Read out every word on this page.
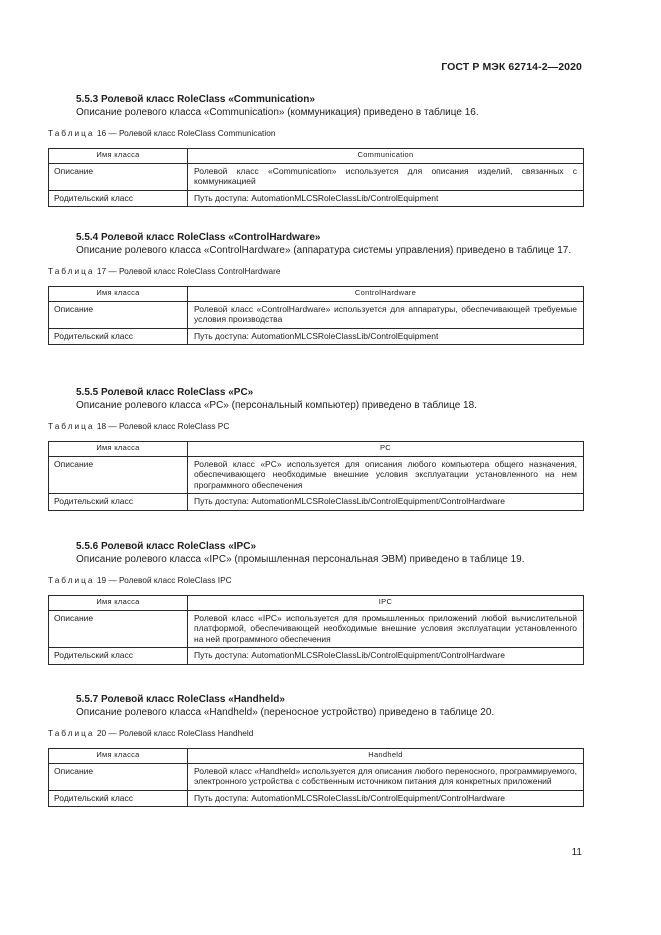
ГОСТ Р МЭК 62714-2—2020
5.5.3 Ролевой класс RoleClass «Communication»

Описание ролевого класса «Communication» (коммуникация) приведено в таблице 16.

Таблица 16 — Ролевой класс RoleClass Communication
Имя класса	Communication
Описание	Ролевой класс «Communication» используется для описания изделий, связанных с коммуникацией
Родительский класс	Путь доступа: AutomationMLCSRoleClassLib/ControlEquipment
5.5.4 Ролевой класс RoleClass «ControlHardware»

Описание ролевого класса «ControlHardware» (аппаратура системы управления) приведено в таблице 17.

Таблица 17 — Ролевой класс RoleClass ControlHardware
Имя класса	ControlHardware
Описание	Ролевой класс «ControlHardware» используется для аппаратуры, обеспечивающей требуемые условия производства
Родительский класс	Путь доступа: AutomationMLCSRoleClassLib/ControlEquipment
5.5.5 Ролевой класс RoleClass «PC»

Описание ролевого класса «PC» (персональный компьютер) приведено в таблице 18.

Таблица 18 — Ролевой класс RoleClass PC
Имя класса	PC
Описание	Ролевой класс «PC» используется для описания любого компьютера общего назначения, обеспечивающего необходимые внешние условия эксплуатации установленного на нем программного обеспечения
Родительский класс	Путь доступа: AutomationMLCSRoleClassLib/ControlEquipment/ControlHardware
5.5.6 Ролевой класс RoleClass «IPC»

Описание ролевого класса «IPC» (промышленная персональная ЭВМ) приведено в таблице 19.

Таблица 19 — Ролевой класс RoleClass IPC
Имя класса	IPC
Описание	Ролевой класс «IPC» используется для промышленных приложений любой вычислительной платформой, обеспечивающей необходимые внешние условия эксплуатации установленного на ней программного обеспечения
Родительский класс	Путь доступа: AutomationMLCSRoleClassLib/ControlEquipment/ControlHardware
5.5.7 Ролевой класс RoleClass «Handheld»

Описание ролевого класса «Handheld» (переносное устройство) приведено в таблице 20.

Таблица 20 — Ролевой класс RoleClass Handheld
Имя класса	Handheld
Описание	Ролевой класс «Handheld» используется для описания любого переносного, программируемого, электронного устройства с собственным источником питания для конкретных приложений
Родительский класс	Путь доступа: AutomationMLCSRoleClassLib/ControlEquipment/ControlHardware
11
